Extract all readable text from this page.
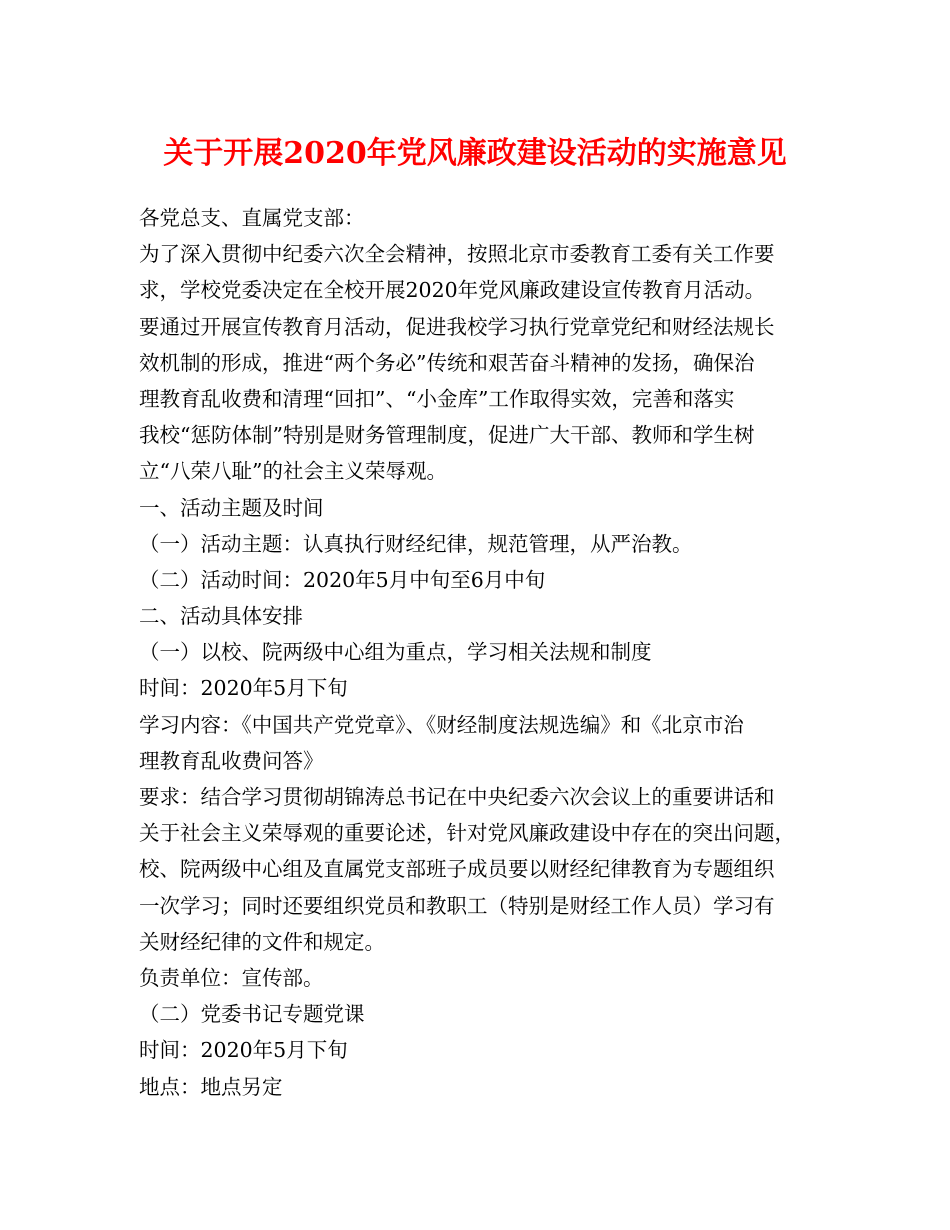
关于开展2020年党风廉政建设活动的实施意见
各党总支、直属党支部：
为了深入贯彻中纪委六次全会精神，按照北京市委教育工委有关工作要
求，学校党委决定在全校开展2020年党风廉政建设宣传教育月活动。
要通过开展宣传教育月活动，促进我校学习执行党章党纪和财经法规长
效机制的形成，推进“两个务必”传统和艰苦奋斗精神的发扬，确保治
理教育乱收费和清理“回扣”、“小金库”工作取得实效，完善和落实
我校“惩防体制”特别是财务管理制度，促进广大干部、教师和学生树
立“八荣八耻”的社会主义荣辱观。
一、活动主题及时间
（一）活动主题：认真执行财经纪律，规范管理，从严治教。
（二）活动时间：2020年5月中旬至6月中旬
二、活动具体安排
（一）以校、院两级中心组为重点，学习相关法规和制度
时间：2020年5月下旬
学习内容：《中国共产党党章》、《财经制度法规选编》和《北京市治
理教育乱收费问答》
要求：结合学习贯彻胡锦涛总书记在中央纪委六次会议上的重要讲话和
关于社会主义荣辱观的重要论述，针对党风廉政建设中存在的突出问题，
校、院两级中心组及直属党支部班子成员要以财经纪律教育为专题组织
一次学习；同时还要组织党员和教职工（特别是财经工作人员）学习有
关财经纪律的文件和规定。
负责单位：宣传部。
（二）党委书记专题党课
时间：2020年5月下旬
地点：地点另定
